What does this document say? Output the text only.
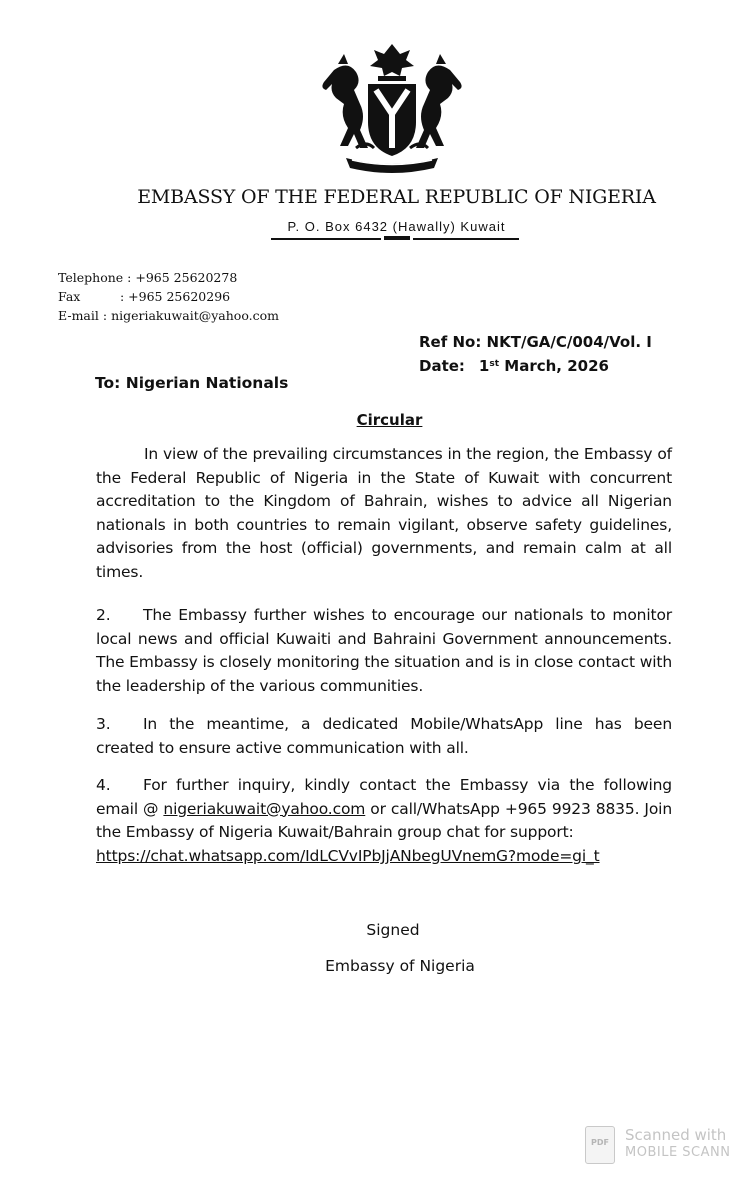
EMBASSY OF THE FEDERAL REPUBLIC OF NIGERIA
P. O. Box 6432 (Hawally) Kuwait
Telephone : +965 25620278
Fax	: +965 25620296
E-mail : nigeriakuwait@yahoo.com
Ref No: NKT/GA/C/004/Vol. I
Date: 1st March, 2026
To: Nigerian Nationals
Circular
In view of the prevailing circumstances in the region, the Embassy of the Federal Republic of Nigeria in the State of Kuwait with concurrent accreditation to the Kingdom of Bahrain, wishes to advice all Nigerian nationals in both countries to remain vigilant, observe safety guidelines, advisories from the host (official) governments, and remain calm at all times.
2. The Embassy further wishes to encourage our nationals to monitor local news and official Kuwaiti and Bahraini Government announcements. The Embassy is closely monitoring the situation and is in close contact with the leadership of the various communities.
3. In the meantime, a dedicated Mobile/WhatsApp line has been created to ensure active communication with all.
4. For further inquiry, kindly contact the Embassy via the following email @ nigeriakuwait@yahoo.com or call/WhatsApp +965 9923 8835. Join the Embassy of Nigeria Kuwait/Bahrain group chat for support:
https://chat.whatsapp.com/IdLCVvIPbJjANbegUVnemG?mode=gi_t
Signed
Embassy of Nigeria
PDF	Scanned with
MOBILE SCANN
